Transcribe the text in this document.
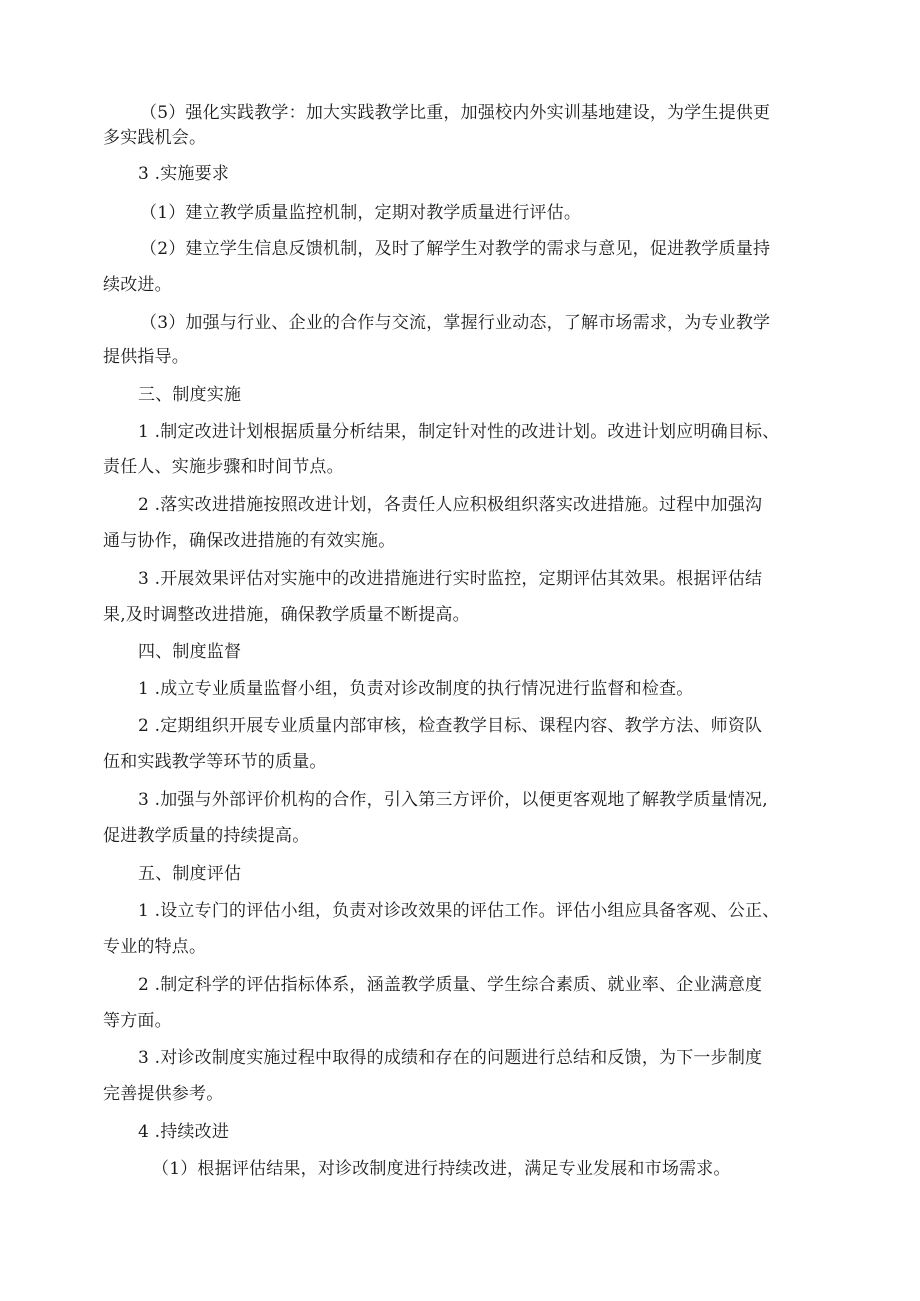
（5）强化实践教学：加大实践教学比重，加强校内外实训基地建设，为学生提供更
多实践机会。
3 .实施要求
（1）建立教学质量监控机制，定期对教学质量进行评估。
（2）建立学生信息反馈机制，及时了解学生对教学的需求与意见，促进教学质量持
续改进。
（3）加强与行业、企业的合作与交流，掌握行业动态，了解市场需求，为专业教学
提供指导。
三、制度实施
1 .制定改进计划根据质量分析结果，制定针对性的改进计划。改进计划应明确目标、
责任人、实施步骤和时间节点。
2 .落实改进措施按照改进计划，各责任人应积极组织落实改进措施。过程中加强沟
通与协作，确保改进措施的有效实施。
3 .开展效果评估对实施中的改进措施进行实时监控，定期评估其效果。根据评估结
果,及时调整改进措施，确保教学质量不断提高。
四、制度监督
1 .成立专业质量监督小组，负责对诊改制度的执行情况进行监督和检查。
2 .定期组织开展专业质量内部审核，检查教学目标、课程内容、教学方法、师资队
伍和实践教学等环节的质量。
3 .加强与外部评价机构的合作，引入第三方评价，以便更客观地了解教学质量情况,
促进教学质量的持续提高。
五、制度评估
1 .设立专门的评估小组，负责对诊改效果的评估工作。评估小组应具备客观、公正、
专业的特点。
2 .制定科学的评估指标体系，涵盖教学质量、学生综合素质、就业率、企业满意度
等方面。
3 .对诊改制度实施过程中取得的成绩和存在的问题进行总结和反馈，为下一步制度
完善提供参考。
4 .持续改进
（1）根据评估结果，对诊改制度进行持续改进，满足专业发展和市场需求。
